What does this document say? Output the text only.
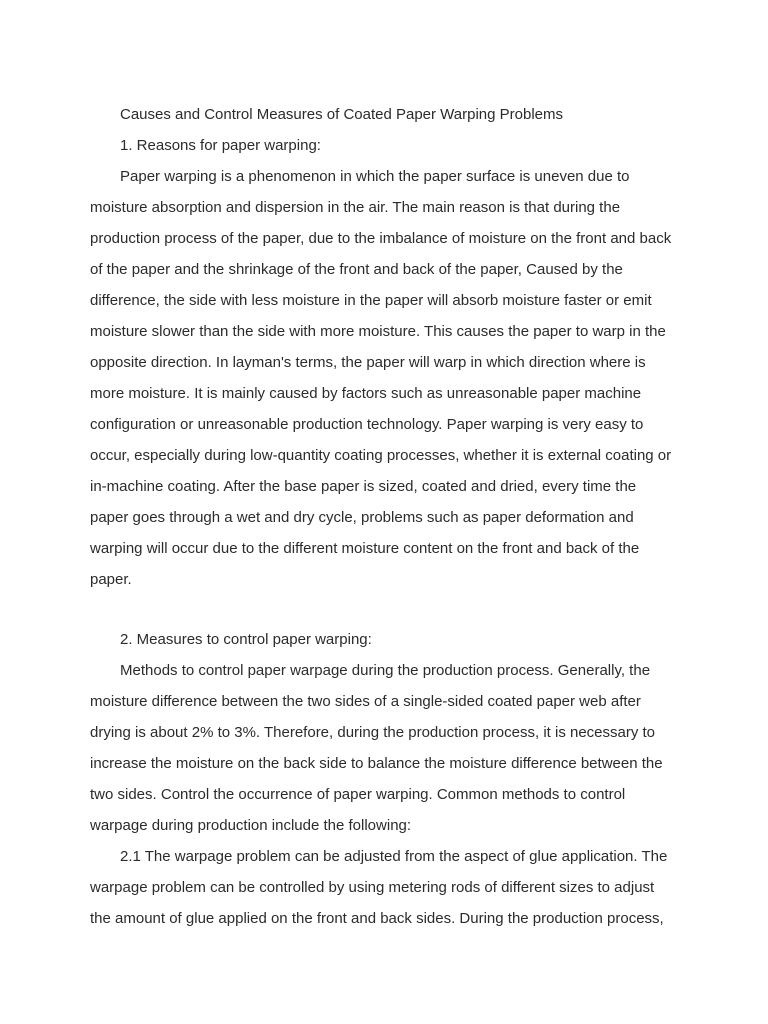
Causes and Control Measures of Coated Paper Warping Problems

1. Reasons for paper warping:

Paper warping is a phenomenon in which the paper surface is uneven due to moisture absorption and dispersion in the air. The main reason is that during the production process of the paper, due to the imbalance of moisture on the front and back of the paper and the shrinkage of the front and back of the paper, Caused by the difference, the side with less moisture in the paper will absorb moisture faster or emit moisture slower than the side with more moisture. This causes the paper to warp in the opposite direction. In layman's terms, the paper will warp in which direction where is more moisture. It is mainly caused by factors such as unreasonable paper machine configuration or unreasonable production technology. Paper warping is very easy to occur, especially during low-quantity coating processes, whether it is external coating or in-machine coating. After the base paper is sized, coated and dried, every time the paper goes through a wet and dry cycle, problems such as paper deformation and warping will occur due to the different moisture content on the front and back of the paper.

2. Measures to control paper warping:

Methods to control paper warpage during the production process. Generally, the moisture difference between the two sides of a single-sided coated paper web after drying is about 2% to 3%. Therefore, during the production process, it is necessary to increase the moisture on the back side to balance the moisture difference between the two sides. Control the occurrence of paper warping. Common methods to control warpage during production include the following:

2.1 The warpage problem can be adjusted from the aspect of glue application. The warpage problem can be controlled by using metering rods of different sizes to adjust the amount of glue applied on the front and back sides. During the production process,
